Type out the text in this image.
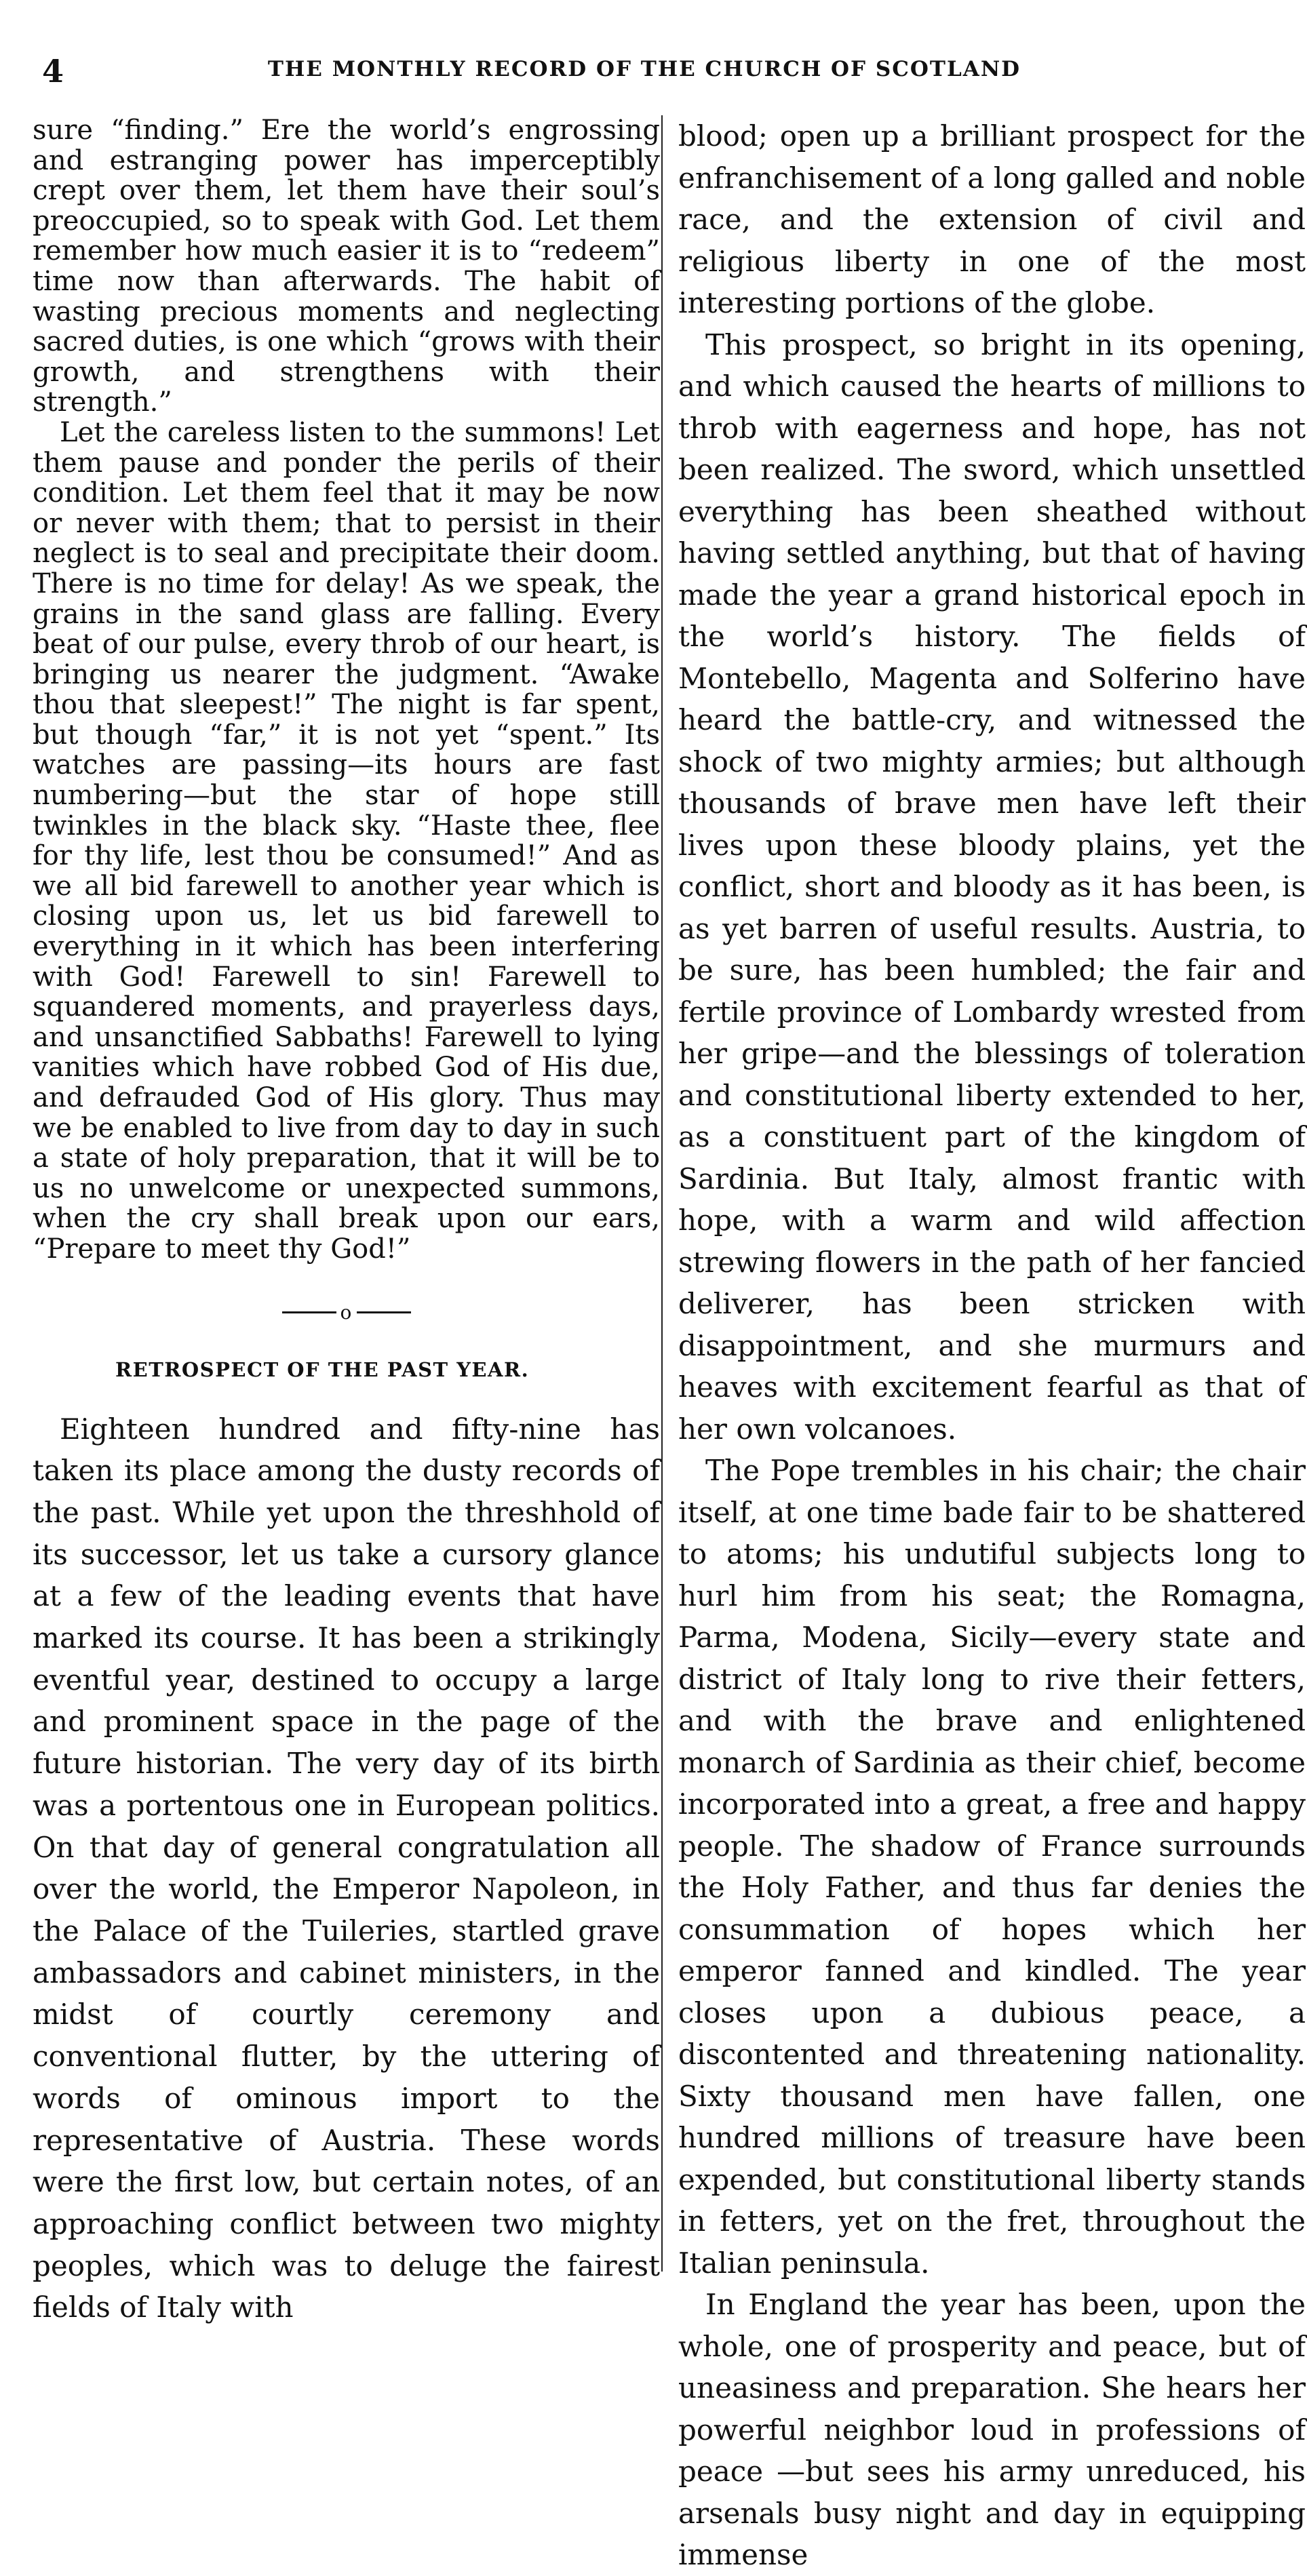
4	THE MONTHLY RECORD OF THE CHURCH OF SCOTLAND

sure “finding.” Ere the world’s engrossing and estranging power has imperceptibly crept over them, let them have their soul’s preoccupied, so to speak with God. Let them remember how much easier it is to “redeem” time now than afterwards. The habit of wasting precious moments and neglecting sacred duties, is one which “grows with their growth, and strengthens with their strength.”

Let the careless listen to the summons! Let them pause and ponder the perils of their condition. Let them feel that it may be now or never with them; that to persist in their neglect is to seal and precipitate their doom. There is no time for delay! As we speak, the grains in the sand glass are falling. Every beat of our pulse, every throb of our heart, is bringing us nearer the judgment. “Awake thou that sleepest!” The night is far spent, but though “far,” it is not yet “spent.” Its watches are passing—its hours are fast numbering—but the star of hope still twinkles in the black sky. “Haste thee, flee for thy life, lest thou be consumed!” And as we all bid farewell to another year which is closing upon us, let us bid farewell to everything in it which has been interfering with God! Farewell to sin! Farewell to squandered moments, and prayerless days, and unsanctified Sabbaths! Farewell to lying vanities which have robbed God of His due, and defrauded God of His glory. Thus may we be enabled to live from day to day in such a state of holy preparation, that it will be to us no unwelcome or unexpected summons, when the cry shall break upon our ears, “Prepare to meet thy God!”

o

RETROSPECT OF THE PAST YEAR.

Eighteen hundred and fifty-nine has taken its place among the dusty records of the past. While yet upon the threshhold of its successor, let us take a cursory glance at a few of the leading events that have marked its course. It has been a strikingly eventful year, destined to occupy a large and prominent space in the page of the future historian. The very day of its birth was a portentous one in European politics. On that day of general congratulation all over the world, the Emperor Napoleon, in the Palace of the Tuileries, startled grave ambassadors and cabinet ministers, in the midst of courtly ceremony and conventional flutter, by the uttering of words of ominous import to the representative of Austria. These words were the first low, but certain notes, of an approaching conflict between two mighty peoples, which was to deluge the fairest fields of Italy with

blood; open up a brilliant prospect for the enfranchisement of a long galled and noble race, and the extension of civil and religious liberty in one of the most interesting portions of the globe.

This prospect, so bright in its opening, and which caused the hearts of millions to throb with eagerness and hope, has not been realized. The sword, which unsettled everything has been sheathed without having settled anything, but that of having made the year a grand historical epoch in the world’s history. The fields of Montebello, Magenta and Solferino have heard the battle-cry, and witnessed the shock of two mighty armies; but although thousands of brave men have left their lives upon these bloody plains, yet the conflict, short and bloody as it has been, is as yet barren of useful results. Austria, to be sure, has been humbled; the fair and fertile province of Lombardy wrested from her gripe—and the blessings of toleration and constitutional liberty extended to her, as a constituent part of the kingdom of Sardinia. But Italy, almost frantic with hope, with a warm and wild affection strewing flowers in the path of her fancied deliverer, has been stricken with disappointment, and she murmurs and heaves with excitement fearful as that of her own volcanoes.

The Pope trembles in his chair; the chair itself, at one time bade fair to be shattered to atoms; his undutiful subjects long to hurl him from his seat; the Romagna, Parma, Modena, Sicily—every state and district of Italy long to rive their fetters, and with the brave and enlightened monarch of Sardinia as their chief, become incorporated into a great, a free and happy people. The shadow of France surrounds the Holy Father, and thus far denies the consummation of hopes which her emperor fanned and kindled. The year closes upon a dubious peace, a discontented and threatening nationality. Sixty thousand men have fallen, one hundred millions of treasure have been expended, but constitutional liberty stands in fetters, yet on the fret, throughout the Italian peninsula.

In England the year has been, upon the whole, one of prosperity and peace, but of uneasiness and preparation. She hears her powerful neighbor loud in professions of peace —but sees his army unreduced, his arsenals busy night and day in equipping immense
